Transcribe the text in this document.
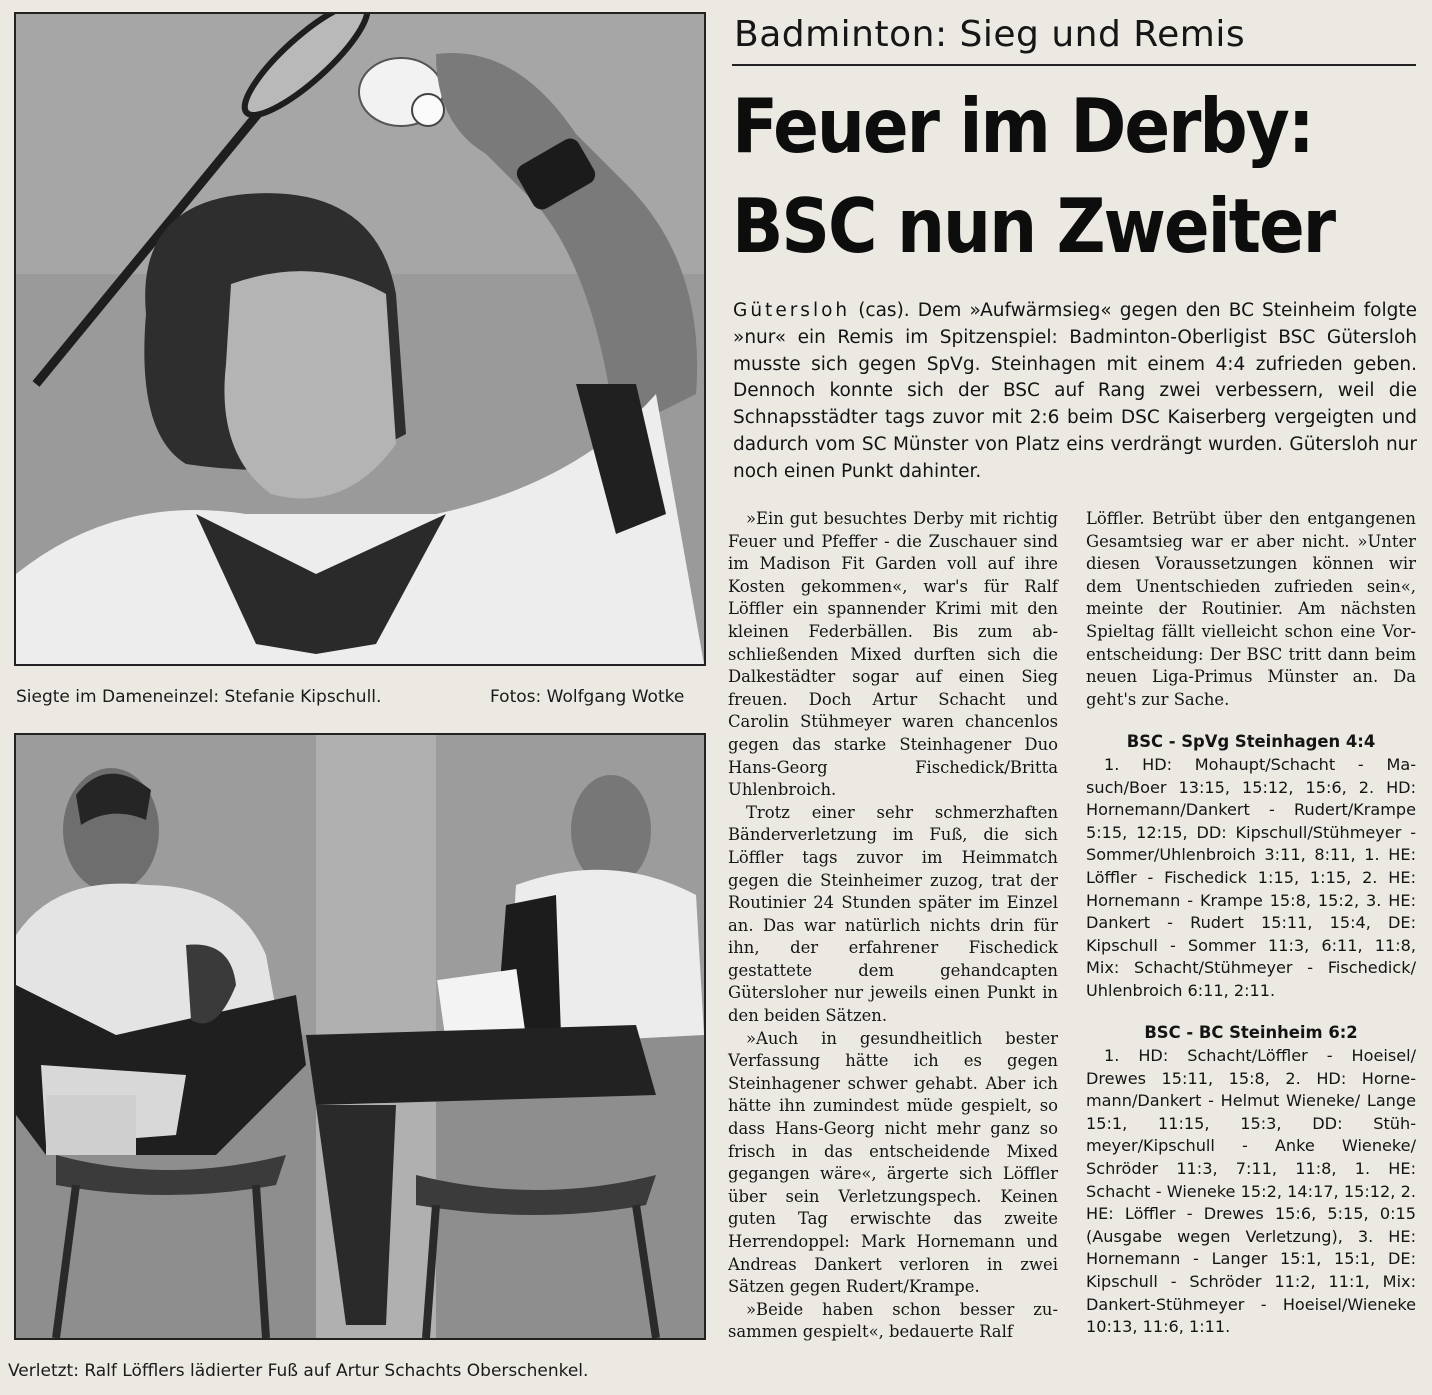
Siegte im Dameneinzel: Stefanie Kipschull.	Fotos: Wolfgang Wotke
Verletzt: Ralf Löfflers lädierter Fuß auf Artur Schachts Oberschenkel.
Badminton: Sieg und Remis
Feuer im Derby:
BSC nun Zweiter
Gütersloh (cas). Dem »Aufwärmsieg« gegen den BC Steinheim folgte »nur« ein Remis im Spitzenspiel: Badminton-Oberligist BSC Gütersloh musste sich gegen SpVg. Steinhagen mit einem 4:4 zufrieden geben. Dennoch konnte sich der BSC auf Rang zwei verbessern, weil die Schnapsstädter tags zuvor mit 2:6 beim DSC Kaiserberg vergeigten und dadurch vom SC Münster von Platz eins verdrängt wurden. Gütersloh nur noch einen Punkt dahinter.

»Ein gut besuchtes Derby mit richtig Feuer und Pfeffer - die Zuschauer sind im Madison Fit Garden voll auf ihre Kosten gekommen«, war's für Ralf Löffler ein spannender Krimi mit den kleinen Federbällen. Bis zum abschließenden Mixed durften sich die Dalkestädter sogar auf einen Sieg freuen. Doch Artur Schacht und Carolin Stühmeyer waren chancenlos gegen das starke Steinhagener Duo Hans-Georg Fischedick/Britta Uhlenbroich.

Trotz einer sehr schmerzhaften Bänderverletzung im Fuß, die sich Löffler tags zuvor im Heimmatch gegen die Steinheimer zuzog, trat der Routinier 24 Stunden später im Einzel an. Das war natürlich nichts drin für ihn, der erfahrener Fischedick gestattete dem gehandcapten Gütersloher nur jeweils einen Punkt in den beiden Sätzen.

»Auch in gesundheitlich bester Verfassung hätte ich es gegen Steinhagener schwer gehabt. Aber ich hätte ihn zumindest müde gespielt, so dass Hans-Georg nicht mehr ganz so frisch in das entscheidende Mixed gegangen wäre«, ärgerte sich Löffler über sein Verletzungspech. Keinen guten Tag erwischte das zweite Herrendoppel: Mark Hornemann und Andreas Dankert verloren in zwei Sätzen gegen Rudert/Krampe.

»Beide haben schon besser zusammen gespielt«, bedauerte Ralf

Löffler. Betrübt über den entgangenen Gesamtsieg war er aber nicht. »Unter diesen Voraussetzungen können wir dem Unentschieden zufrieden sein«, meinte der Routinier. Am nächsten Spieltag fällt vielleicht schon eine Vorentscheidung: Der BSC tritt dann beim neuen Liga-Primus Münster an. Da geht's zur Sache.

BSC - SpVg Steinhagen 4:4

1. HD: Mohaupt/Schacht - Masuch/Boer 13:15, 15:12, 15:6, 2. HD: Hornemann/Dankert - Rudert/Krampe 5:15, 12:15, DD: Kipschull/Stühmeyer - Sommer/Uhlenbroich 3:11, 8:11, 1. HE: Löffler - Fischedick 1:15, 1:15, 2. HE: Hornemann - Krampe 15:8, 15:2, 3. HE: Dankert - Rudert 15:11, 15:4, DE: Kipschull - Sommer 11:3, 6:11, 11:8, Mix: Schacht/Stühmeyer - Fischedick/ Uhlenbroich 6:11, 2:11.

BSC - BC Steinheim 6:2

1. HD: Schacht/Löffler - Hoeisel/ Drewes 15:11, 15:8, 2. HD: Hornemann/Dankert - Helmut Wieneke/ Lange 15:1, 11:15, 15:3, DD: Stühmeyer/Kipschull - Anke Wieneke/ Schröder 11:3, 7:11, 11:8, 1. HE: Schacht - Wieneke 15:2, 14:17, 15:12, 2. HE: Löffler - Drewes 15:6, 5:15, 0:15 (Ausgabe wegen Verletzung), 3. HE: Hornemann - Langer 15:1, 15:1, DE: Kipschull - Schröder 11:2, 11:1, Mix: Dankert-Stühmeyer - Hoeisel/Wieneke 10:13, 11:6, 1:11.
